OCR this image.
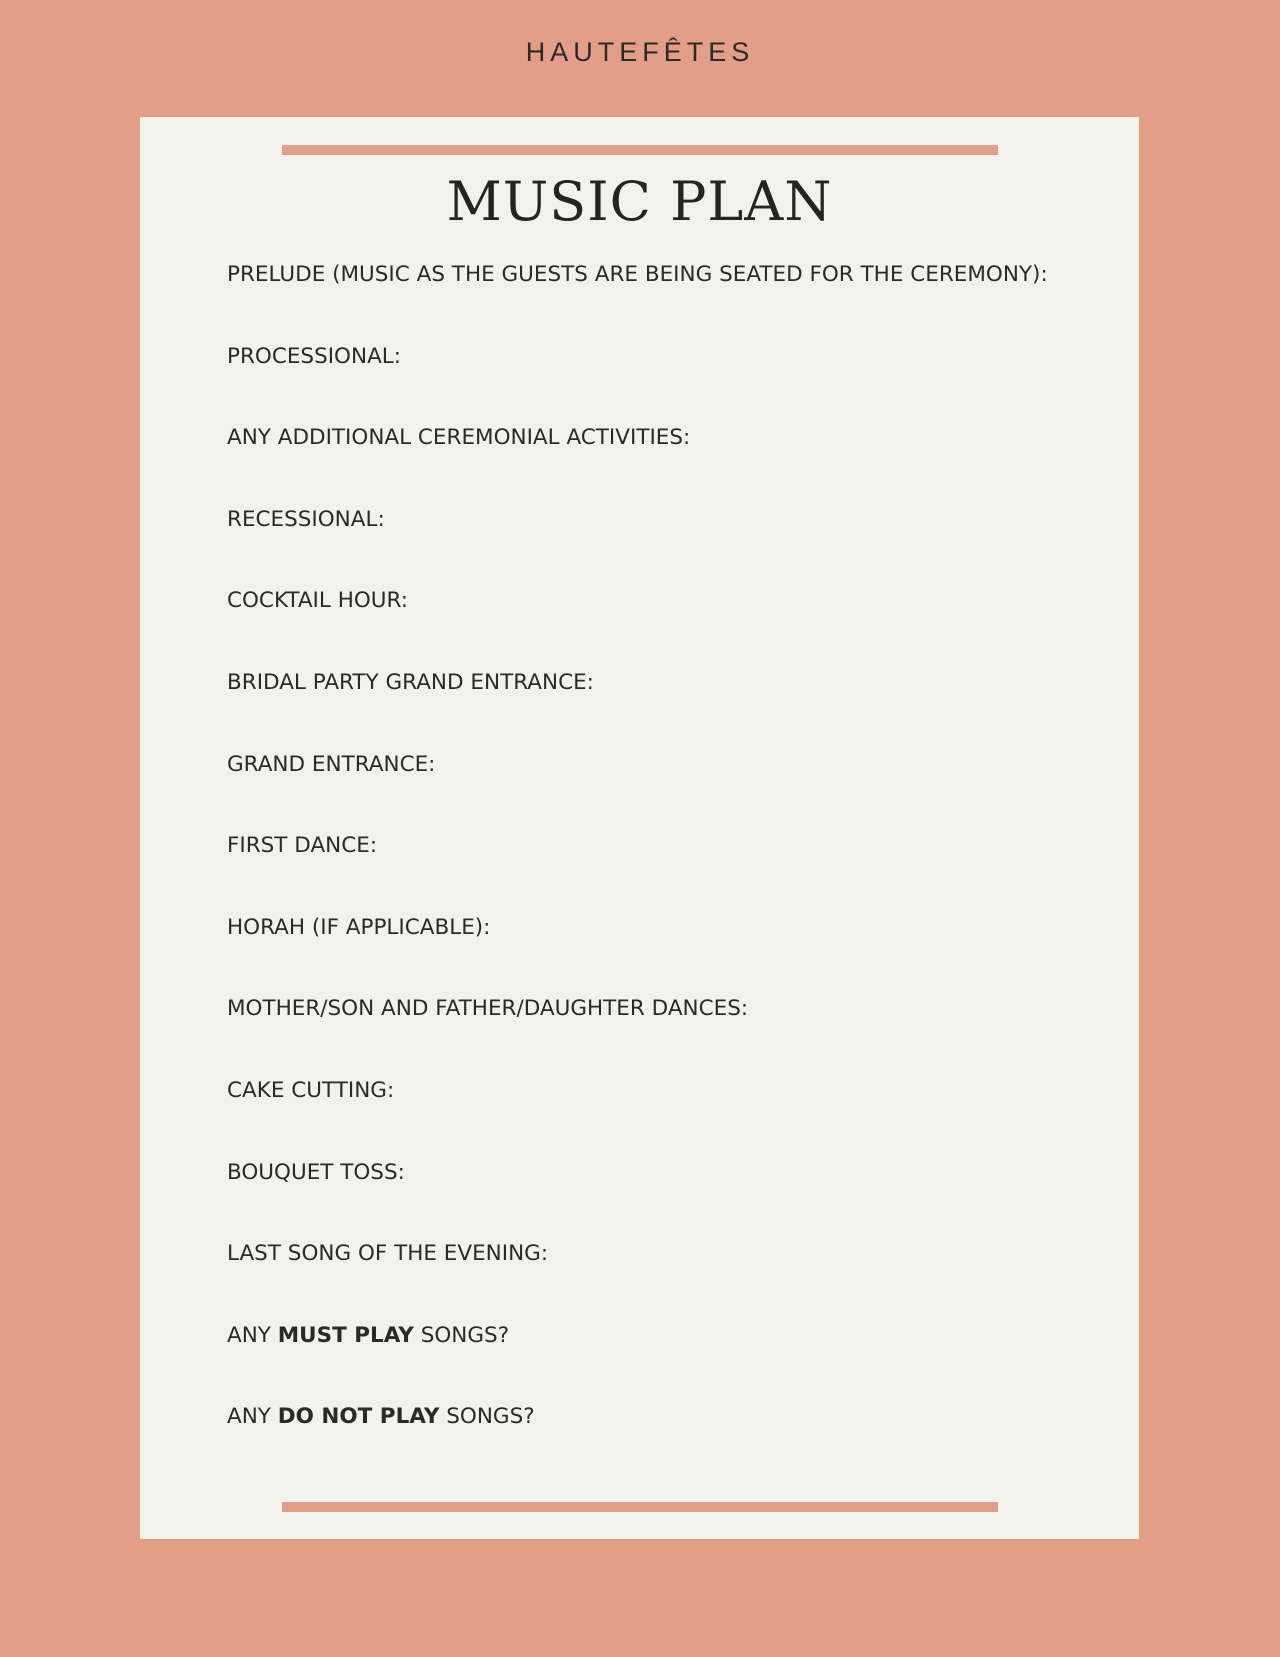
HAUTEFÊTES
MUSIC PLAN
PRELUDE (MUSIC AS THE GUESTS ARE BEING SEATED FOR THE CEREMONY):
PROCESSIONAL:
ANY ADDITIONAL CEREMONIAL ACTIVITIES:
RECESSIONAL:
COCKTAIL HOUR:
BRIDAL PARTY GRAND ENTRANCE:
GRAND ENTRANCE:
FIRST DANCE:
HORAH (IF APPLICABLE):
MOTHER/SON AND FATHER/DAUGHTER DANCES:
CAKE CUTTING:
BOUQUET TOSS:
LAST SONG OF THE EVENING:
ANY MUST PLAY SONGS?
ANY DO NOT PLAY SONGS?
